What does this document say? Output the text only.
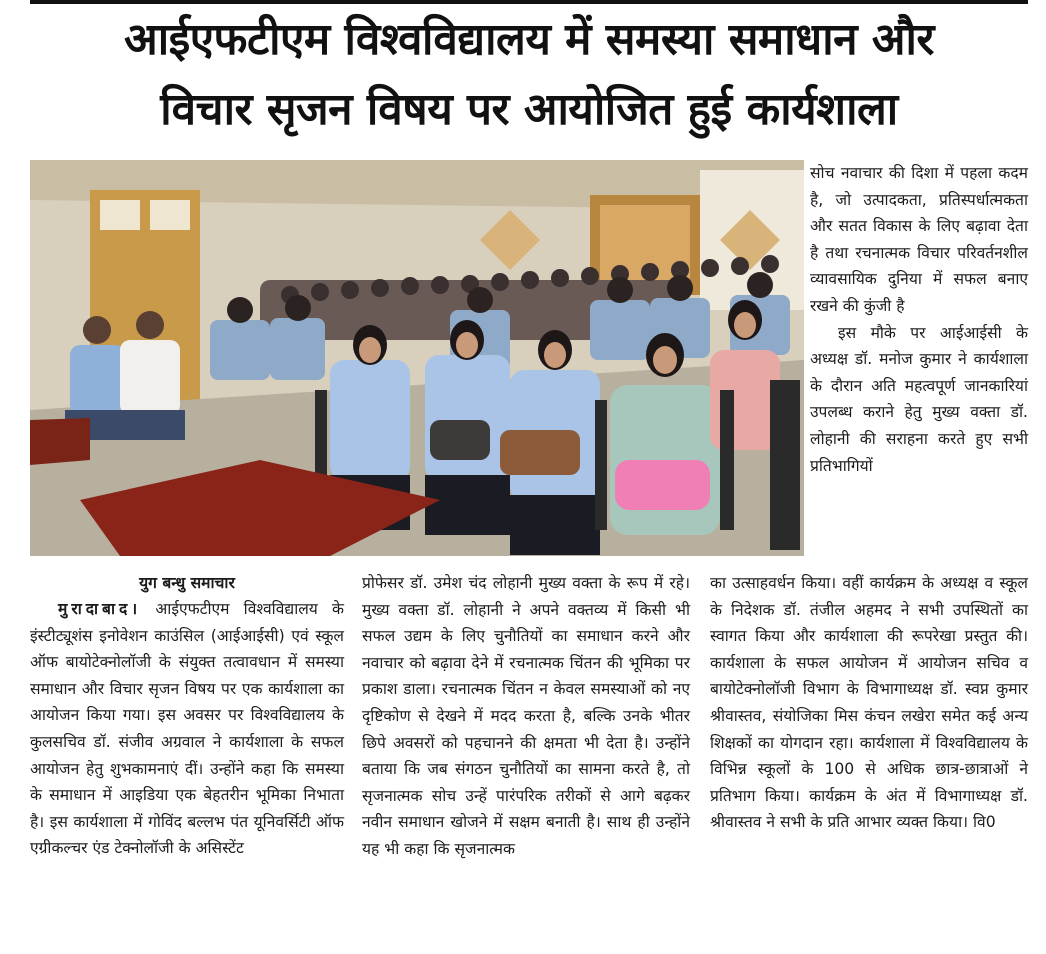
आईएफटीएम विश्वविद्यालय में समस्या समाधान और
विचार सृजन विषय पर आयोजित हुई कार्यशाला

सोच नवाचार की दिशा में पहला कदम है, जो उत्पादकता, प्रतिस्पर्धात्मकता और सतत विकास के लिए बढ़ावा देता है तथा रचनात्मक विचार परिवर्तनशील व्यावसायिक दुनिया में सफल बनाए रखने की कुंजी है

इस मौके पर आईआईसी के अध्यक्ष डॉ. मनोज कुमार ने कार्यशाला के दौरान अति महत्वपूर्ण जानकारियां उपलब्ध कराने हेतु मुख्य वक्ता डॉ. लोहानी की सराहना करते हुए सभी प्रतिभागियों

युग बन्धु समाचार

मुरादाबाद। आईएफटीएम विश्वविद्यालय के इंस्टीट्यूशंस इनोवेशन काउंसिल (आईआईसी) एवं स्कूल ऑफ बायोटेक्नोलॉजी के संयुक्त तत्वावधान में समस्या समाधान और विचार सृजन विषय पर एक कार्यशाला का आयोजन किया गया। इस अवसर पर विश्वविद्यालय के कुलसचिव डॉ. संजीव अग्रवाल ने कार्यशाला के सफल आयोजन हेतु शुभकामनाएं दीं। उन्होंने कहा कि समस्या के समाधान में आइडिया एक बेहतरीन भूमिका निभाता है। इस कार्यशाला में गोविंद बल्लभ पंत यूनिवर्सिटी ऑफ एग्रीकल्चर एंड टेक्नोलॉजी के असिस्टेंट

प्रोफेसर डॉ. उमेश चंद लोहानी मुख्य वक्ता के रूप में रहे। मुख्य वक्ता डॉ. लोहानी ने अपने वक्तव्य में किसी भी सफल उद्यम के लिए चुनौतियों का समाधान करने और नवाचार को बढ़ावा देने में रचनात्मक चिंतन की भूमिका पर प्रकाश डाला। रचनात्मक चिंतन न केवल समस्याओं को नए दृष्टिकोण से देखने में मदद करता है, बल्कि उनके भीतर छिपे अवसरों को पहचानने की क्षमता भी देता है। उन्होंने बताया कि जब संगठन चुनौतियों का सामना करते है, तो सृजनात्मक सोच उन्हें पारंपरिक तरीकों से आगे बढ़कर नवीन समाधान खोजने में सक्षम बनाती है। साथ ही उन्होंने यह भी कहा कि सृजनात्मक

का उत्साहवर्धन किया। वहीं कार्यक्रम के अध्यक्ष व स्कूल के निदेशक डॉ. तंजील अहमद ने सभी उपस्थितों का स्वागत किया और कार्यशाला की रूपरेखा प्रस्तुत की। कार्यशाला के सफल आयोजन में आयोजन सचिव व बायोटेक्नोलॉजी विभाग के विभागाध्यक्ष डॉ. स्वप्न कुमार श्रीवास्तव, संयोजिका मिस कंचन लखेरा समेत कई अन्य शिक्षकों का योगदान रहा। कार्यशाला में विश्वविद्यालय के विभिन्न स्कूलों के 100 से अधिक छात्र-छात्राओं ने प्रतिभाग किया। कार्यक्रम के अंत में विभागाध्यक्ष डॉ. श्रीवास्तव ने सभी के प्रति आभार व्यक्त किया। वि0
